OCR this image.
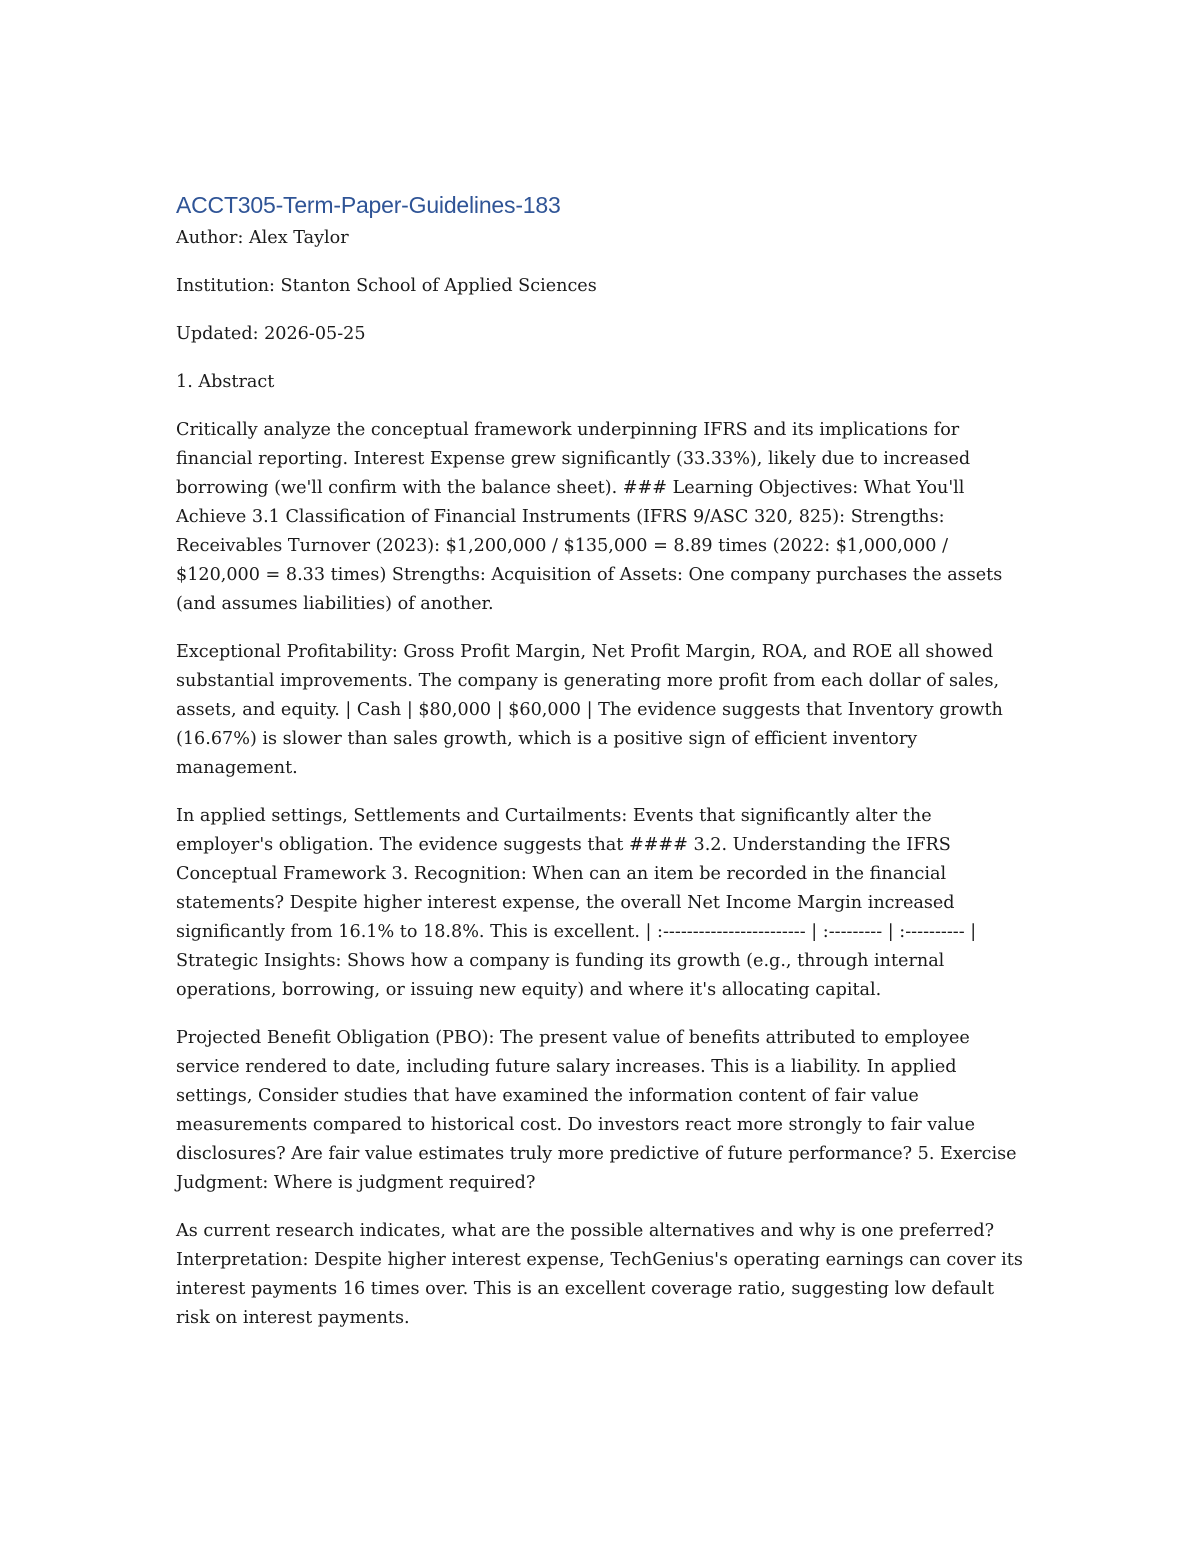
ACCT305-Term-Paper-Guidelines-183

Author: Alex Taylor

Institution: Stanton School of Applied Sciences

Updated: 2026-05-25

1. Abstract

Critically analyze the conceptual framework underpinning IFRS and its implications for financial reporting. Interest Expense grew significantly (33.33%), likely due to increased borrowing (we'll confirm with the balance sheet). ### Learning Objectives: What You'll Achieve 3.1 Classification of Financial Instruments (IFRS 9/ASC 320, 825): Strengths: Receivables Turnover (2023): $1,200,000 / $135,000 = 8.89 times (2022: $1,000,000 / $120,000 = 8.33 times) Strengths: Acquisition of Assets: One company purchases the assets (and assumes liabilities) of another.

Exceptional Profitability: Gross Profit Margin, Net Profit Margin, ROA, and ROE all showed substantial improvements. The company is generating more profit from each dollar of sales, assets, and equity. | Cash | $80,000 | $60,000 | The evidence suggests that Inventory growth (16.67%) is slower than sales growth, which is a positive sign of efficient inventory management.

In applied settings, Settlements and Curtailments: Events that significantly alter the employer's obligation. The evidence suggests that #### 3.2. Understanding the IFRS Conceptual Framework 3. Recognition: When can an item be recorded in the financial statements? Despite higher interest expense, the overall Net Income Margin increased significantly from 16.1% to 18.8%. This is excellent. | :------------------------ | :--------- | :---------- | Strategic Insights: Shows how a company is funding its growth (e.g., through internal operations, borrowing, or issuing new equity) and where it's allocating capital.

Projected Benefit Obligation (PBO): The present value of benefits attributed to employee service rendered to date, including future salary increases. This is a liability. In applied settings, Consider studies that have examined the information content of fair value measurements compared to historical cost. Do investors react more strongly to fair value disclosures? Are fair value estimates truly more predictive of future performance? 5. Exercise Judgment: Where is judgment required?

As current research indicates, what are the possible alternatives and why is one preferred? Interpretation: Despite higher interest expense, TechGenius's operating earnings can cover its interest payments 16 times over. This is an excellent coverage ratio, suggesting low default risk on interest payments.
